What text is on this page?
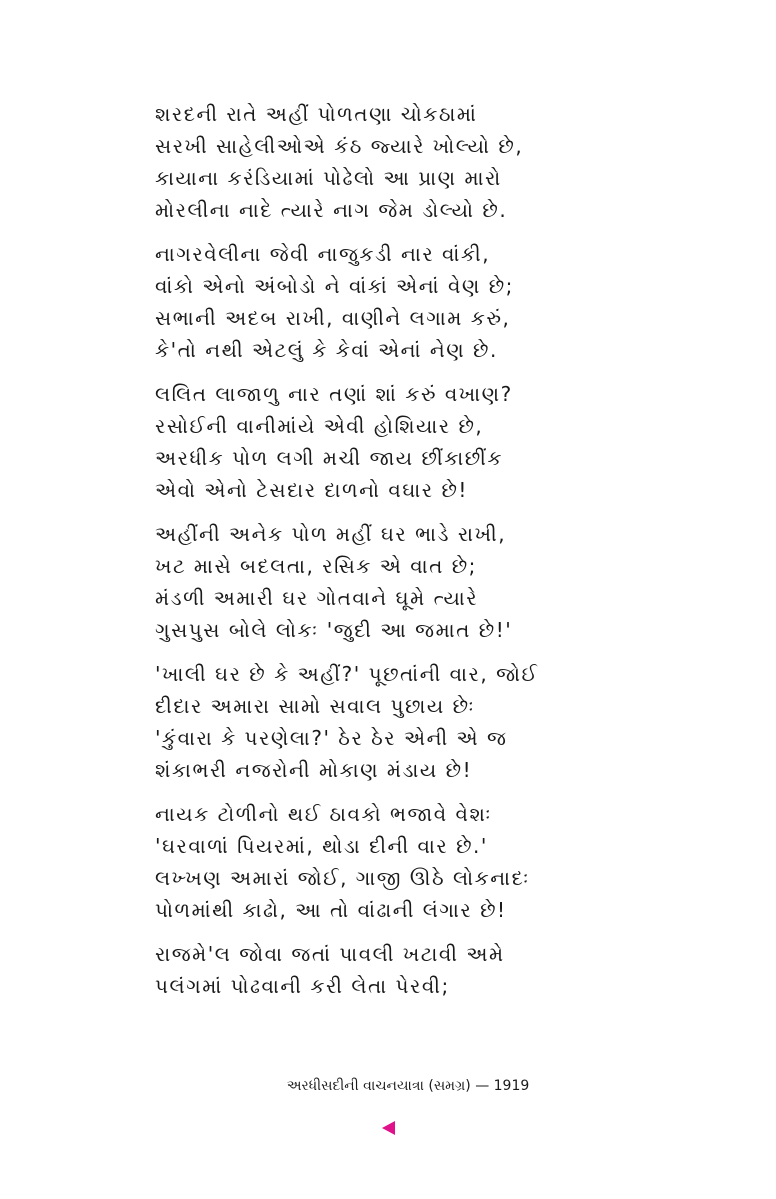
શરદની રાતે અહીં પોળતણા ચોકઠામાં
સરખી સાહેલીઓએ કંઠ જ્યારે ખોલ્યો છે,
કાયાના કરંડિયામાં પોઢેલો આ પ્રાણ મારો
મોરલીના નાદે ત્યારે નાગ જેમ ડોલ્યો છે.
નાગરવેલીના જેવી નાજુકડી નાર વાંકી,
વાંકો એનો અંબોડો ને વાંકાં એનાં વેણ છે;
સભાની અદબ રાખી, વાણીને લગામ કરું,
કે'તો નથી એટલું કે કેવાં એનાં નેણ છે.
લલિત લાજાળુ નાર તણાં શાં કરું વખાણ?
રસોઈની વાનીમાંયે એવી હોશિયાર છે,
અરધીક પોળ લગી મચી જાય છીંકાછીંક
એવો એનો ટેસદાર દાળનો વઘાર છે!
અહીંની અનેક પોળ મહીં ઘર ભાડે રાખી,
ખટ માસે બદલતા, રસિક એ વાત છે;
મંડળી અમારી ઘર ગોતવાને ઘૂમે ત્યારે
ગુસપુસ બોલે લોકઃ 'જુદી આ જમાત છે!'
'ખાલી ઘર છે કે અહીં?' પૂછતાંની વાર, જોઈ
દીદાર અમારા સામો સવાલ પુછાય છેઃ
'કુંવારા કે પરણેલા?' ઠેર ઠેર એની એ જ
શંકાભરી નજરોની મોકાણ મંડાય છે!
નાયક ટોળીનો થઈ ઠાવકો ભજાવે વેશઃ
'ઘરવાળાં પિયરમાં, થોડા દીની વાર છે.'
લખ્ખણ અમારાં જોઈ, ગાજી ઊઠે લોકનાદઃ
પોળમાંથી કાઢો, આ તો વાંઢાની લંગાર છે!
રાજમે'લ જોવા જતાં પાવલી ખટાવી અમે
પલંગમાં પોઢવાની કરી લેતા પેરવી;
અરધીસદીની વાચનયાત્રા (સમગ્ર) — 1919
